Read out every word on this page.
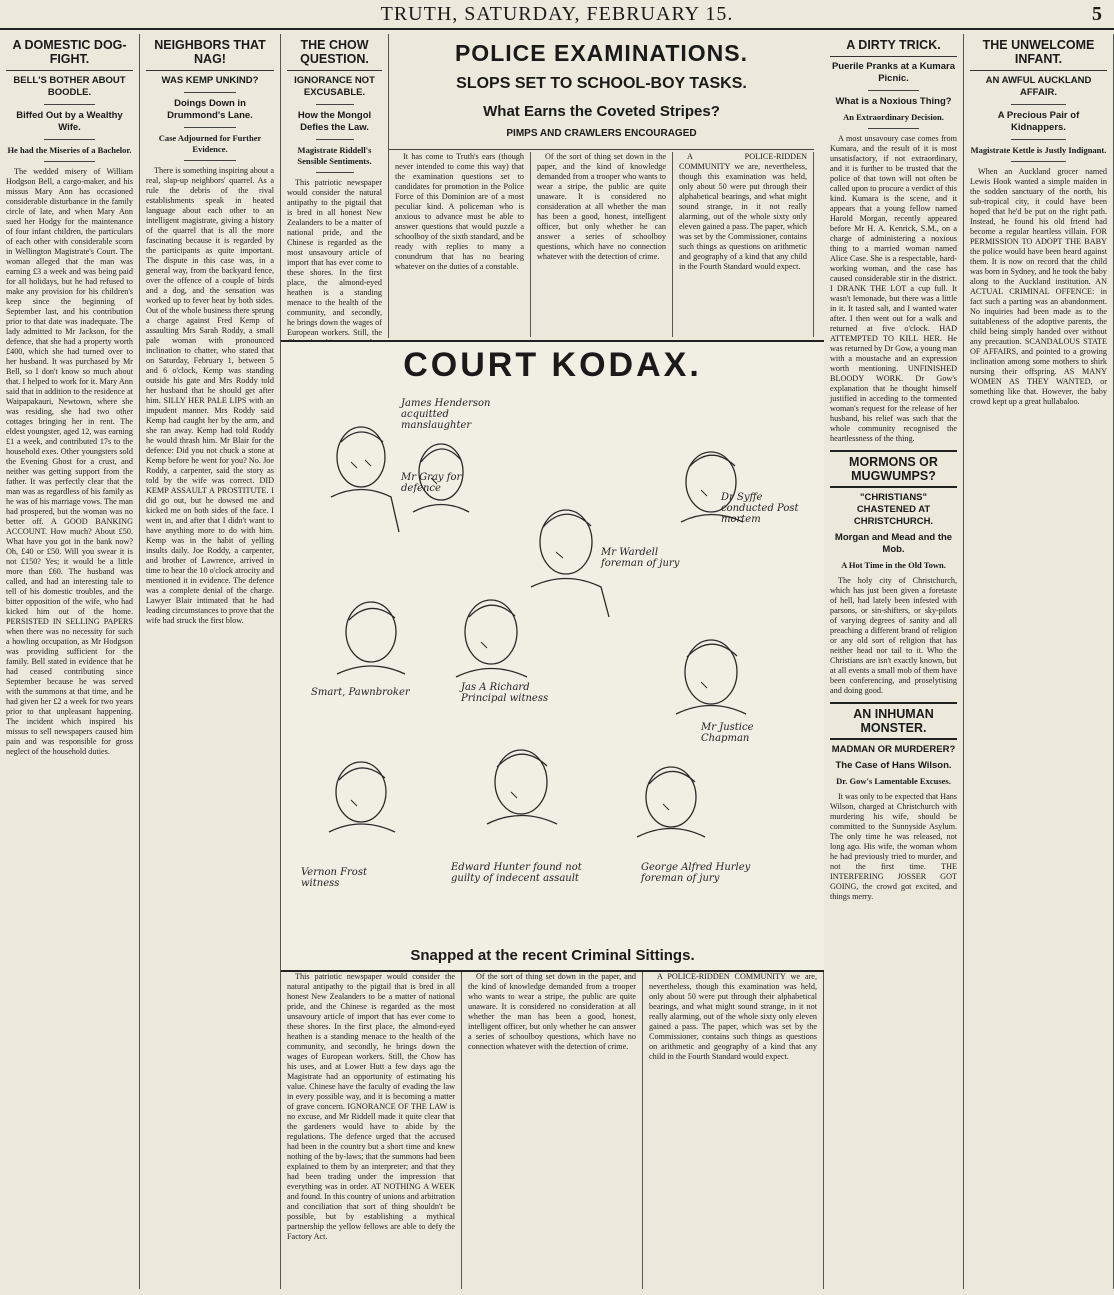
TRUTH, SATURDAY, FEBRUARY 15.	5
A DOMESTIC DOG-FIGHT.
BELL'S BOTHER ABOUT BOODLE.
Biffed Out by a Wealthy Wife.
He had the Miseries of a Bachelor.

The wedded misery of William Hodgson Bell, a cargo-maker, and his missus Mary Ann has occasioned considerable disturbance in the family circle of late, and when Mary Ann sued her Hodgy for the maintenance of four infant children, the particulars of each other with considerable scorn in Wellington Magistrate's Court. The woman alleged that the man was earning £3 a week and was being paid for all holidays, but he had refused to make any provision for his children's keep since the beginning of September last, and his contribution prior to that date was inadequate. The lady admitted to Mr Jackson, for the defence, that she had a property worth £400, which she had turned over to her husband. It was purchased by Mr Bell, so I don't know so much about that. I helped to work for it. Mary Ann said that in addition to the residence at Waipapakauri, Newtown, where she was residing, she had two other cottages bringing her in rent. The eldest youngster, aged 12, was earning £1 a week, and contributed 17s to the household exes. Other youngsters sold the Evening Ghost for a crust, and neither was getting support from the father. It was perfectly clear that the man was as regardless of his family as he was of his marriage vows. The man had prospered, but the woman was no better off. A GOOD BANKING ACCOUNT. How much? About £50. What have you got in the bank now? Oh, £40 or £50. Will you swear it is not £150? Yes; it would be a little more than £60. The husband was called, and had an interesting tale to tell of his domestic troubles, and the bitter opposition of the wife, who had kicked him out of the home. PERSISTED IN SELLING PAPERS when there was no necessity for such a howling occupation, as Mr Hodgson was providing sufficient for the family. Bell stated in evidence that he had ceased contributing since September because he was served with the summons at that time, and he had given her £2 a week for two years prior to that unpleasant happening. The incident which inspired his missus to sell newspapers caused him pain and was responsible for gross neglect of the household duties.

NEIGHBORS THAT NAG!
WAS KEMP UNKIND?
Doings Down in Drummond's Lane.
Case Adjourned for Further Evidence.

There is something inspiring about a real, slap-up neighbors' quarrel. As a rule the debris of the rival establishments speak in heated language about each other to an intelligent magistrate, giving a history of the quarrel that is all the more fascinating because it is regarded by the participants as quite important. The dispute in this case was, in a general way, from the backyard fence, over the offence of a couple of birds and a dog, and the sensation was worked up to fever heat by both sides. Out of the whole business there sprung a charge against Fred Kemp of assaulting Mrs Sarah Roddy, a small pale woman with pronounced inclination to chatter, who stated that on Saturday, February 1, between 5 and 6 o'clock, Kemp was standing outside his gate and Mrs Roddy told her husband that he should get after him. SILLY HER PALE LIPS with an impudent manner. Mrs Roddy said Kemp had caught her by the arm, and she ran away. Kemp had told Roddy he would thrash him. Mr Blair for the defence: Did you not chuck a stone at Kemp before he went for you? No. Joe Roddy, a carpenter, said the story as told by the wife was correct. DID KEMP ASSAULT A PROSTITUTE. I did go out, but he dowsed me and kicked me on both sides of the face. I went in, and after that I didn't want to have anything more to do with him. Kemp was in the habit of yelling insults daily. Joe Roddy, a carpenter, and brother of Lawrence, arrived in time to hear the 10 o'clock atrocity and mentioned it in evidence. The defence was a complete denial of the charge. Lawyer Blair intimated that he had leading circumstances to prove that the wife had struck the first blow.

THE CHOW QUESTION.
IGNORANCE NOT EXCUSABLE.
How the Mongol Defies the Law.
Magistrate Riddell's Sensible Sentiments.

This patriotic newspaper would consider the natural antipathy to the pigtail that is bred in all honest New Zealanders to be a matter of national pride, and the Chinese is regarded as the most unsavoury article of import that has ever come to these shores. In the first place, the almond-eyed heathen is a standing menace to the health of the community, and secondly, he brings down the wages of European workers. Still, the

POLICE EXAMINATIONS.
SLOPS SET TO SCHOOL-BOY TASKS.
What Earns the Coveted Stripes?
PIMPS AND CRAWLERS ENCOURAGED

It has come to Truth's ears (though never intended to come this way) that the examination questions set to candidates for promotion in the Police Force of this Dominion are of a most peculiar kind. A policeman who is anxious to advance must be able to answer questions that would puzzle a schoolboy of the sixth standard, and be ready with replies to many a conundrum that has no bearing whatever on the duties of a constable.

Of the sort of thing set down in the paper, and the kind of knowledge demanded from a trooper who wants to wear a stripe, the public are quite unaware. It is considered no consideration at all whether the man has been a good, honest, intelligent officer, but only whether he can answer a series of schoolboy questions, which have no connection whatever with the detection of crime.

A POLICE-RIDDEN COMMUNITY we are, nevertheless, though this examination was held, only about 50 were put through their alphabetical bearings, and what might sound strange, in it not really alarming, out of the whole sixty only eleven gained a pass. The paper, which was set by the Commissioner, contains such things as questions on arithmetic and geography of a kind that any child in the Fourth Standard would expect.

COURT KODAX.
James Henderson acquitted manslaughter
Mr Gray for defence
Mr Wardell foreman of jury
Dr Syffe conducted Post mortem
Jas A Richard Principal witness
Mr Justice Chapman
Smart, Pawnbroker
Vernon Frost witness
Edward Hunter found not guilty of indecent assault
George Alfred Hurley foreman of jury
Snapped at the recent Criminal Sittings.

This patriotic newspaper would consider the natural antipathy to the pigtail that is bred in all honest New Zealanders to be a matter of national pride, and the Chinese is regarded as the most unsavoury article of import that has ever come to these shores. In the first place, the almond-eyed heathen is a standing menace to the health of the community, and secondly, he brings down the wages of European workers. Still, the Chow has his uses, and at Lower Hutt a few days ago the Magistrate had an opportunity of estimating his value. Chinese have the faculty of evading the law in every possible way, and it is becoming a matter of grave concern. IGNORANCE OF THE LAW is no excuse, and Mr Riddell made it quite clear that the gardeners would have to abide by the regulations. The defence urged that the accused had been in the country but a short time and knew nothing of the by-laws; that the summons had been explained to them by an interpreter; and that they had been trading under the impression that everything was in order. AT NOTHING A WEEK and found. In this country of unions and arbitration and conciliation that sort of thing shouldn't be possible, but by establishing a mythical partnership the yellow fellows are able to defy the Factory Act.

Of the sort of thing set down in the paper, and the kind of knowledge demanded from a trooper who wants to wear a stripe, the public are quite unaware. It is considered no consideration at all whether the man has been a good, honest, intelligent officer, but only whether he can answer a series of schoolboy questions, which have no connection whatever with the detection of crime.

A POLICE-RIDDEN COMMUNITY we are, nevertheless, though this examination was held, only about 50 were put through their alphabetical bearings, and what might sound strange, in it not really alarming, out of the whole sixty only eleven gained a pass. The paper, which was set by the Commissioner, contains such things as questions on arithmetic and geography of a kind that any child in the Fourth Standard would expect.

A DIRTY TRICK.
Puerile Pranks at a Kumara Picnic.
What is a Noxious Thing?
An Extraordinary Decision.

A most unsavoury case comes from Kumara, and the result of it is most unsatisfactory, if not extraordinary, and it is further to be trusted that the police of that town will not often be called upon to procure a verdict of this kind. Kumara is the scene, and it appears that a young fellow named Harold Morgan, recently appeared before Mr H. A. Kenrick, S.M., on a charge of administering a noxious thing to a married woman named Alice Case. She is a respectable, hard-working woman, and the case has caused considerable stir in the district. I DRANK THE LOT a cup full. It wasn't lemonade, but there was a little in it. It tasted salt, and I wanted water after. I then went out for a walk and returned at five o'clock. HAD ATTEMPTED TO KILL HER. He was returned by Dr Gow, a young man with a moustache and an expression worth mentioning. UNFINISHED BLOODY WORK. Dr Gow's explanation that he thought himself justified in acceding to the tormented woman's request for the release of her husband, his relief was such that the whole community recognised the heartlessness of the thing.

MORMONS OR MUGWUMPS?
"CHRISTIANS" CHASTENED AT CHRISTCHURCH.
Morgan and Mead and the Mob.
A Hot Time in the Old Town.

The holy city of Christchurch, which has just been given a foretaste of hell, had lately been infested with parsons, or sin-shifters, or sky-pilots of varying degrees of sanity and all preaching a different brand of religion or any old sort of religion that has neither head nor tail to it. Who the Christians are isn't exactly known, but at all events a small mob of them have been conferencing, and proselytising and doing good.

AN INHUMAN MONSTER.
MADMAN OR MURDERER?
The Case of Hans Wilson.
Dr. Gow's Lamentable Excuses.

It was only to be expected that Hans Wilson, charged at Christchurch with murdering his wife, should be committed to the Sunnyside Asylum. The only time he was released, not long ago. His wife, the woman whom he had previously tried to murder, and not the first time. THE INTERFERING JOSSER GOT GOING, the crowd got excited, and things merry.

THE UNWELCOME INFANT.
AN AWFUL AUCKLAND AFFAIR.
A Precious Pair of Kidnappers.
Magistrate Kettle is Justly Indignant.

When an Auckland grocer named Lewis Hook wanted a simple maiden in the sodden sanctuary of the north, his sub-tropical city, it could have been hoped that he'd be put on the right path. Instead, he found his old friend had become a regular heartless villain. FOR PERMISSION TO ADOPT THE BABY the police would have been heard against them. It is now on record that the child was born in Sydney, and he took the baby along to the Auckland institution. AN ACTUAL CRIMINAL OFFENCE: in fact such a parting was an abandonment. No inquiries had been made as to the suitableness of the adoptive parents, the child being simply handed over without any precaution. SCANDALOUS STATE OF AFFAIRS, and pointed to a growing inclination among some mothers to shirk nursing their offspring. AS MANY WOMEN AS THEY WANTED, or something like that. However, the baby crowd kept up a great hullabaloo.
